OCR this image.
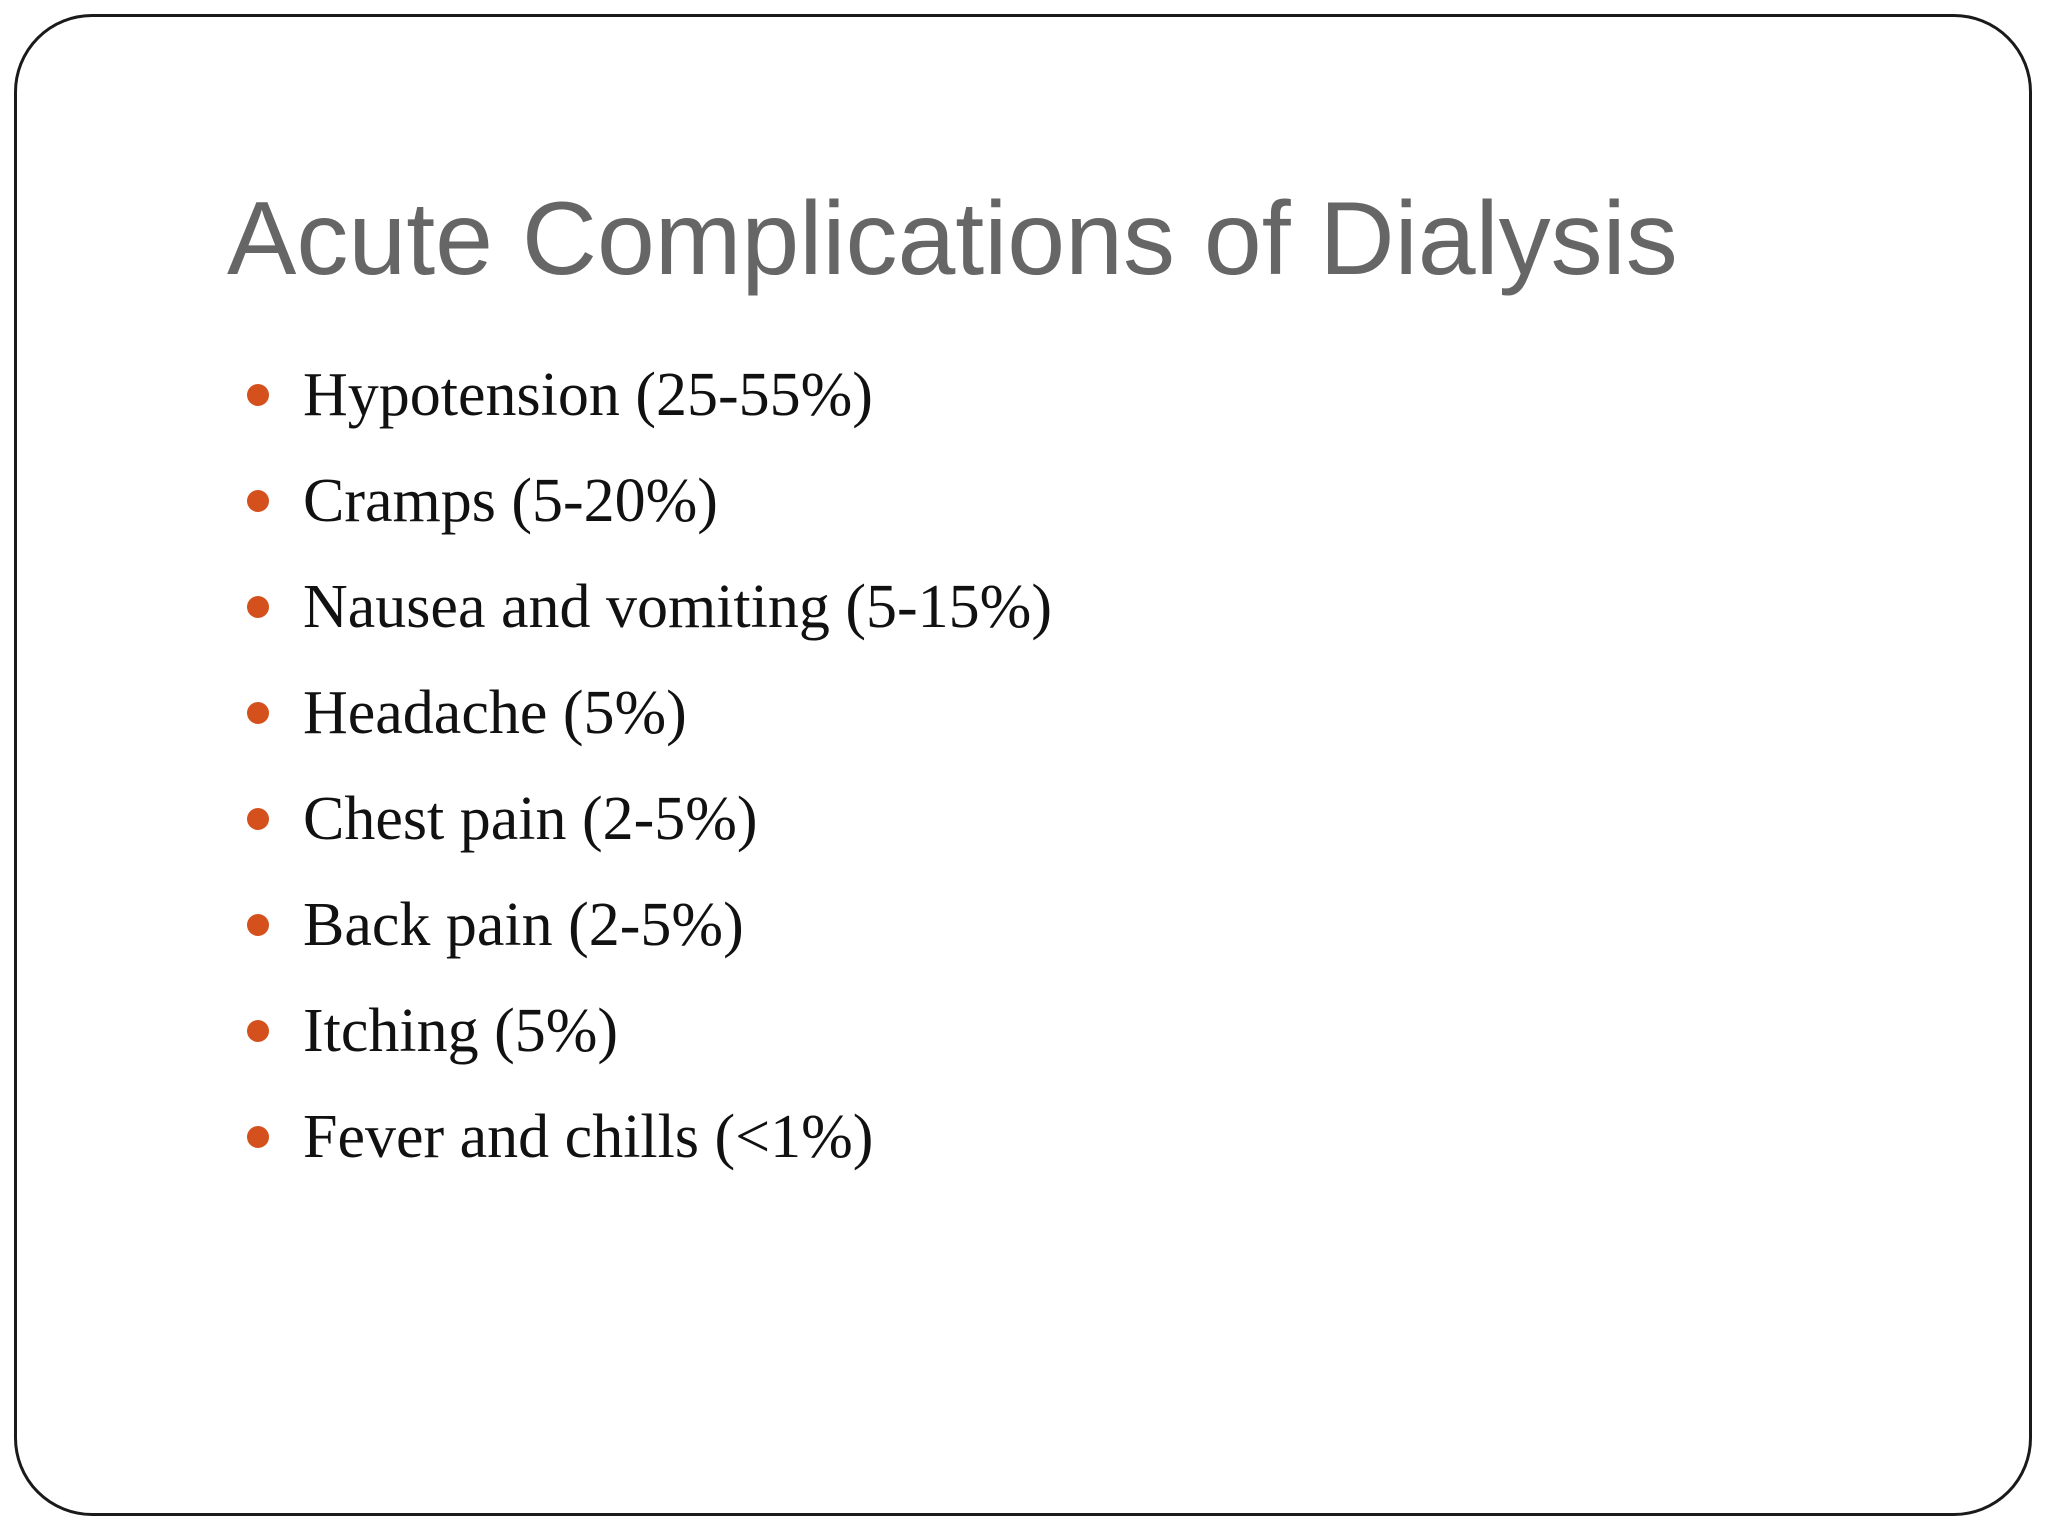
Acute Complications of Dialysis
Hypotension (25-55%)
Cramps (5-20%)
Nausea and vomiting (5-15%)
Headache (5%)
Chest pain (2-5%)
Back pain (2-5%)
Itching (5%)
Fever and chills (<1%)
